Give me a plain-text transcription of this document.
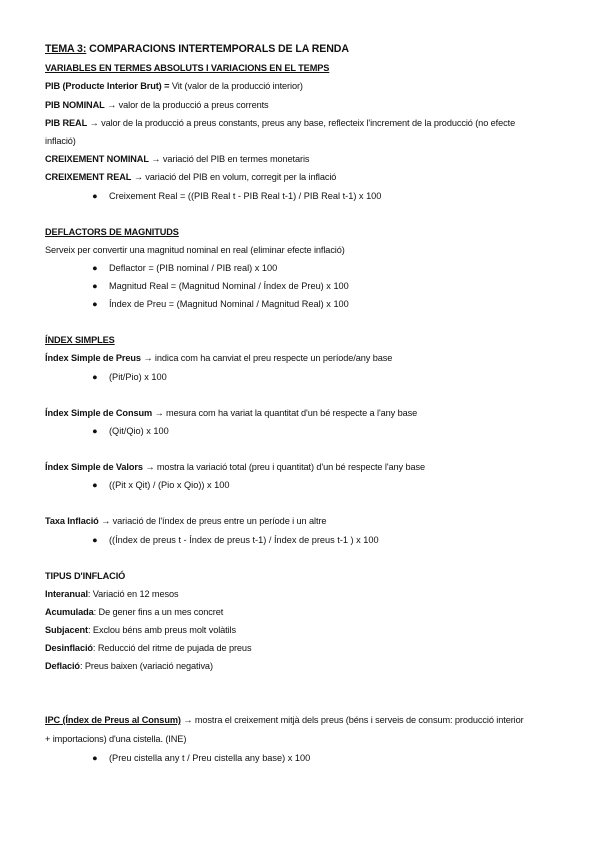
TEMA 3: COMPARACIONS INTERTEMPORALS DE LA RENDA
VARIABLES EN TERMES ABSOLUTS I VARIACIONS EN EL TEMPS
PIB (Producte Interior Brut) = Vit (valor de la producció interior)
PIB NOMINAL → valor de la producció a preus corrents
PIB REAL → valor de la producció a preus constants, preus any base, reflecteix l'increment de la producció (no efecte
inflació)
CREIXEMENT NOMINAL → variació del PIB en termes monetaris
CREIXEMENT REAL → variació del PIB en volum, corregit per la inflació
● Creixement Real = ((PIB Real t - PIB Real t-1) / PIB Real t-1) x 100
DEFLACTORS DE MAGNITUDS
Serveix per convertir una magnitud nominal en real (eliminar efecte inflació)
● Deflactor = (PIB nominal / PIB real) x 100
● Magnitud Real = (Magnitud Nominal / Índex de Preu) x 100
● Índex de Preu = (Magnitud Nominal / Magnitud Real) x 100
ÍNDEX SIMPLES
Índex Simple de Preus → indica com ha canviat el preu respecte un període/any base
● (Pit/Pio) x 100
Índex Simple de Consum → mesura com ha variat la quantitat d'un bé respecte a l'any base
● (Qit/Qio) x 100
Índex Simple de Valors → mostra la variació total (preu i quantitat) d'un bé respecte l'any base
● ((Pit x Qit) / (Pio x Qio)) x 100
Taxa Inflació → variació de l'índex de preus entre un període i un altre
● ((Índex de preus t - Índex de preus t-1) / Índex de preus t-1 ) x 100
TIPUS D'INFLACIÓ
Interanual: Variació en 12 mesos
Acumulada: De gener fins a un mes concret
Subjacent: Exclou béns amb preus molt volàtils
Desinflació: Reducció del ritme de pujada de preus
Deflació: Preus baixen (variació negativa)
IPC (Índex de Preus al Consum) → mostra el creixement mitjà dels preus (béns i serveis de consum: producció interior
+ importacions) d'una cistella. (INE)
● (Preu cistella any t / Preu cistella any base) x 100
